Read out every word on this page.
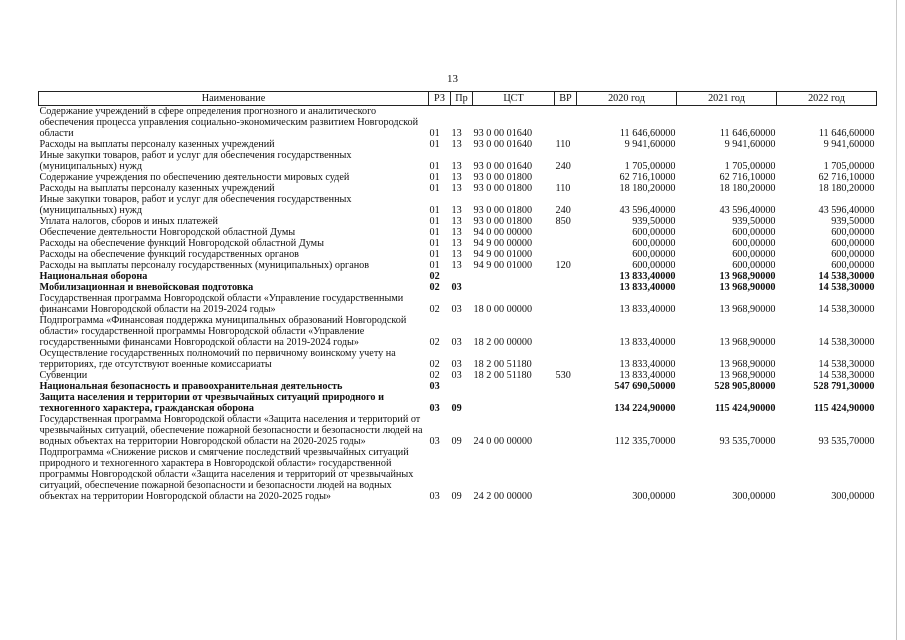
13
Наименование	РЗ	Пр	ЦСТ	ВР	2020 год	2021 год	2022 год
Содержание учреждений в сфере определения прогнозного и аналитического обеспечения процесса управления социально-экономическим развитием Новгородской области	01	13	93 0 00 01640		11 646,60000	11 646,60000	11 646,60000
Расходы на выплаты персоналу казенных учреждений	01	13	93 0 00 01640	110	9 941,60000	9 941,60000	9 941,60000
Иные закупки товаров, работ и услуг для обеспечения государственных (муниципальных) нужд	01	13	93 0 00 01640	240	1 705,00000	1 705,00000	1 705,00000
Содержание учреждения по обеспечению деятельности мировых судей	01	13	93 0 00 01800		62 716,10000	62 716,10000	62 716,10000
Расходы на выплаты персоналу казенных учреждений	01	13	93 0 00 01800	110	18 180,20000	18 180,20000	18 180,20000
Иные закупки товаров, работ и услуг для обеспечения государственных (муниципальных) нужд	01	13	93 0 00 01800	240	43 596,40000	43 596,40000	43 596,40000
Уплата налогов, сборов и иных платежей	01	13	93 0 00 01800	850	939,50000	939,50000	939,50000
Обеспечение деятельности Новгородской областной Думы	01	13	94 0 00 00000		600,00000	600,00000	600,00000
Расходы на обеспечение функций Новгородской областной Думы	01	13	94 9 00 00000		600,00000	600,00000	600,00000
Расходы на обеспечение функций государственных органов	01	13	94 9 00 01000		600,00000	600,00000	600,00000
Расходы на выплаты персоналу государственных (муниципальных) органов	01	13	94 9 00 01000	120	600,00000	600,00000	600,00000
Национальная оборона	02				13 833,40000	13 968,90000	14 538,30000
Мобилизационная и вневойсковая подготовка	02	03			13 833,40000	13 968,90000	14 538,30000
Государственная программа Новгородской области «Управление государственными финансами Новгородской области на 2019-2024 годы»	02	03	18 0 00 00000		13 833,40000	13 968,90000	14 538,30000
Подпрограмма «Финансовая поддержка муниципальных образований Новгородской области» государственной программы Новгородской области «Управление государственными финансами Новгородской области на 2019-2024 годы»	02	03	18 2 00 00000		13 833,40000	13 968,90000	14 538,30000
Осуществление государственных полномочий по первичному воинскому учету на территориях, где отсутствуют военные комиссариаты	02	03	18 2 00 51180		13 833,40000	13 968,90000	14 538,30000
Субвенции	02	03	18 2 00 51180	530	13 833,40000	13 968,90000	14 538,30000
Национальная безопасность и правоохранительная деятельность	03				547 690,50000	528 905,80000	528 791,30000
Защита населения и территории от чрезвычайных ситуаций природного и техногенного характера, гражданская оборона	03	09			134 224,90000	115 424,90000	115 424,90000
Государственная программа Новгородской области «Защита населения и территорий от чрезвычайных ситуаций, обеспечение пожарной безопасности и безопасности людей на водных объектах на территории Новгородской области на 2020-2025 годы»	03	09	24 0 00 00000		112 335,70000	93 535,70000	93 535,70000
Подпрограмма «Снижение рисков и смягчение последствий чрезвычайных ситуаций природного и техногенного характера в Новгородской области» государственной программы Новгородской области «Защита населения и территорий от чрезвычайных ситуаций, обеспечение пожарной безопасности и безопасности людей на водных объектах на территории Новгородской области на 2020-2025 годы»	03	09	24 2 00 00000		300,00000	300,00000	300,00000
